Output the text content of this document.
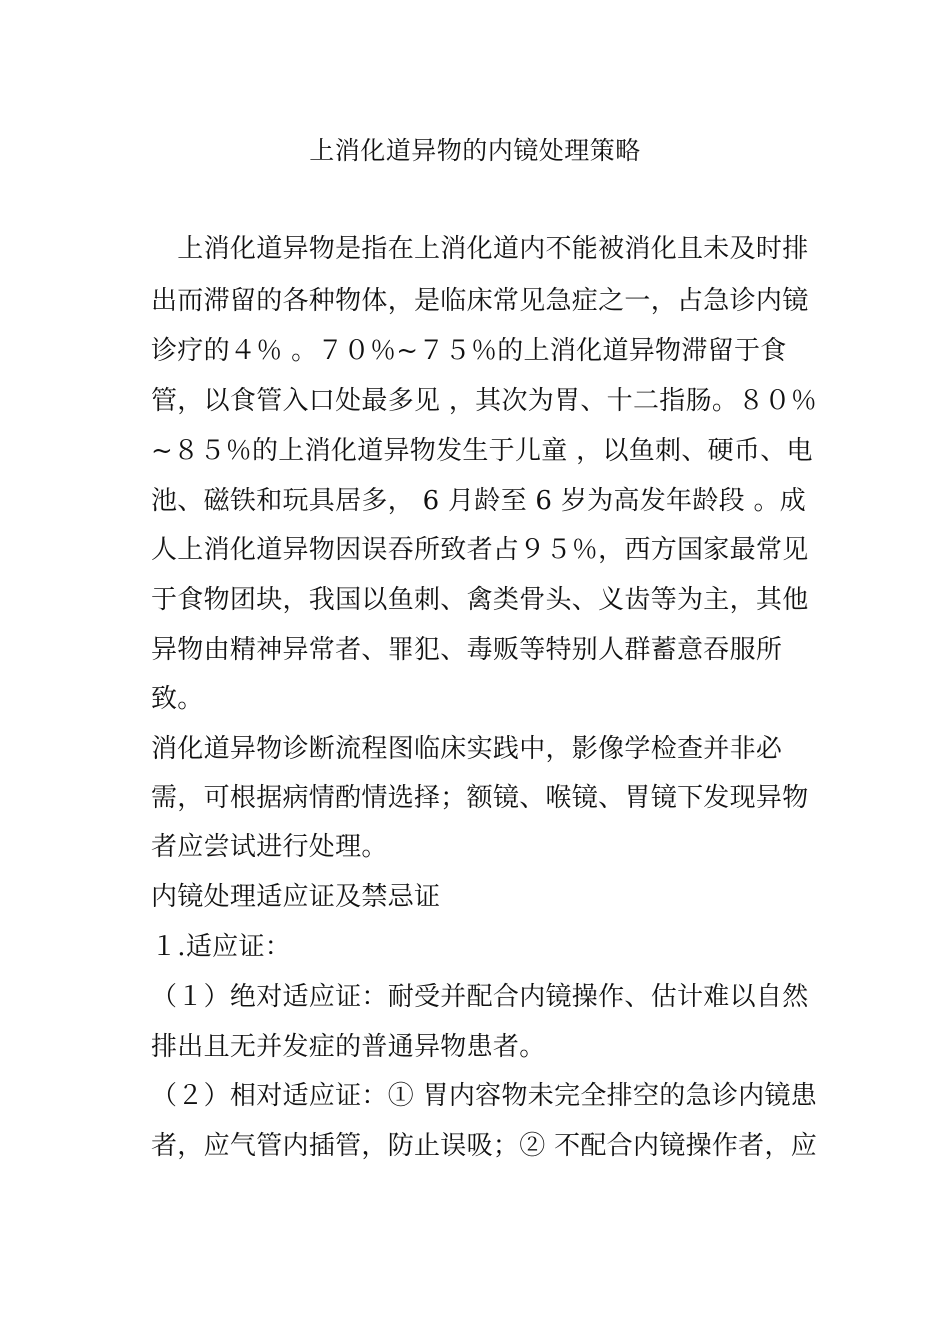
上消化道异物的内镜处理策略
　上消化道异物是指在上消化道内不能被消化且未及时排
出而滞留的各种物体，是临床常见急症之一，占急诊内镜
诊疗的４％ 。７０％~７５％的上消化道异物滞留于食
管，以食管入口处最多见 ，其次为胃、十二指肠。８０％
~８５％的上消化道异物发生于儿童 ，以鱼刺、硬币、电
池、磁铁和玩具居多， 6 月龄至 6 岁为高发年龄段 。成
人上消化道异物因误吞所致者占９５％，西方国家最常见
于食物团块，我国以鱼刺、禽类骨头、义齿等为主，其他
异物由精神异常者、罪犯、毒贩等特别人群蓄意吞服所
致。
消化道异物诊断流程图临床实践中，影像学检查并非必
需，可根据病情酌情选择；额镜、喉镜、胃镜下发现异物
者应尝试进行处理。
内镜处理适应证及禁忌证
１.适应证：
（１）绝对适应证：耐受并配合内镜操作、估计难以自然
排出且无并发症的普通异物患者。
（２）相对适应证：① 胃内容物未完全排空的急诊内镜患
者，应气管内插管，防止误吸；② 不配合内镜操作者，应
